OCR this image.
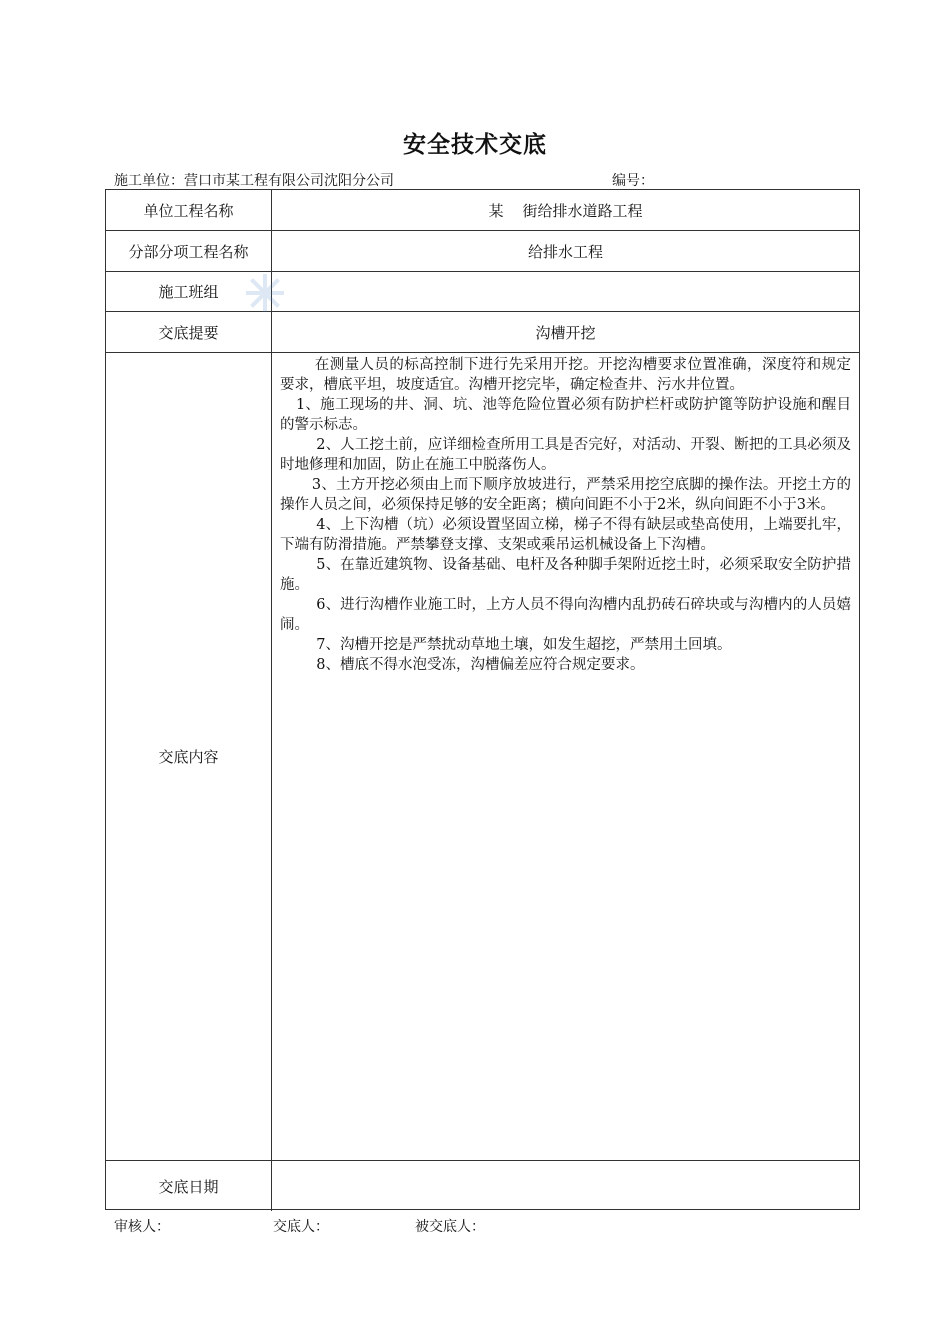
安全技术交底
施工单位：营口市某工程有限公司沈阳分公司	编号：
单位工程名称	某    街给排水道路工程
分部分项工程名称	给排水工程
施工班组
交底提要	沟槽开挖
交底内容

在测量人员的标高控制下进行先采用开挖。开挖沟槽要求位置准确，深度符和规定要求，槽底平坦，坡度适宜。沟槽开挖完毕，确定检查井、污水井位置。

1、施工现场的井、洞、坑、池等危险位置必须有防护栏杆或防护篦等防护设施和醒目的警示标志。

2、人工挖土前，应详细检查所用工具是否完好，对活动、开裂、断把的工具必须及时地修理和加固，防止在施工中脱落伤人。

3、土方开挖必须由上而下顺序放坡进行，严禁采用挖空底脚的操作法。开挖土方的操作人员之间，必须保持足够的安全距离；横向间距不小于2米，纵向间距不小于3米。

4、上下沟槽（坑）必须设置坚固立梯，梯子不得有缺层或垫高使用，上端要扎牢，下端有防滑措施。严禁攀登支撑、支架或乘吊运机械设备上下沟槽。

5、在靠近建筑物、设备基础、电杆及各种脚手架附近挖土时，必须采取安全防护措施。

6、进行沟槽作业施工时，上方人员不得向沟槽内乱扔砖石碎块或与沟槽内的人员嬉闹。

7、沟槽开挖是严禁扰动草地土壤，如发生超挖，严禁用土回填。

8、槽底不得水泡受冻，沟槽偏差应符合规定要求。

交底日期
审核人：	交底人：	被交底人：
